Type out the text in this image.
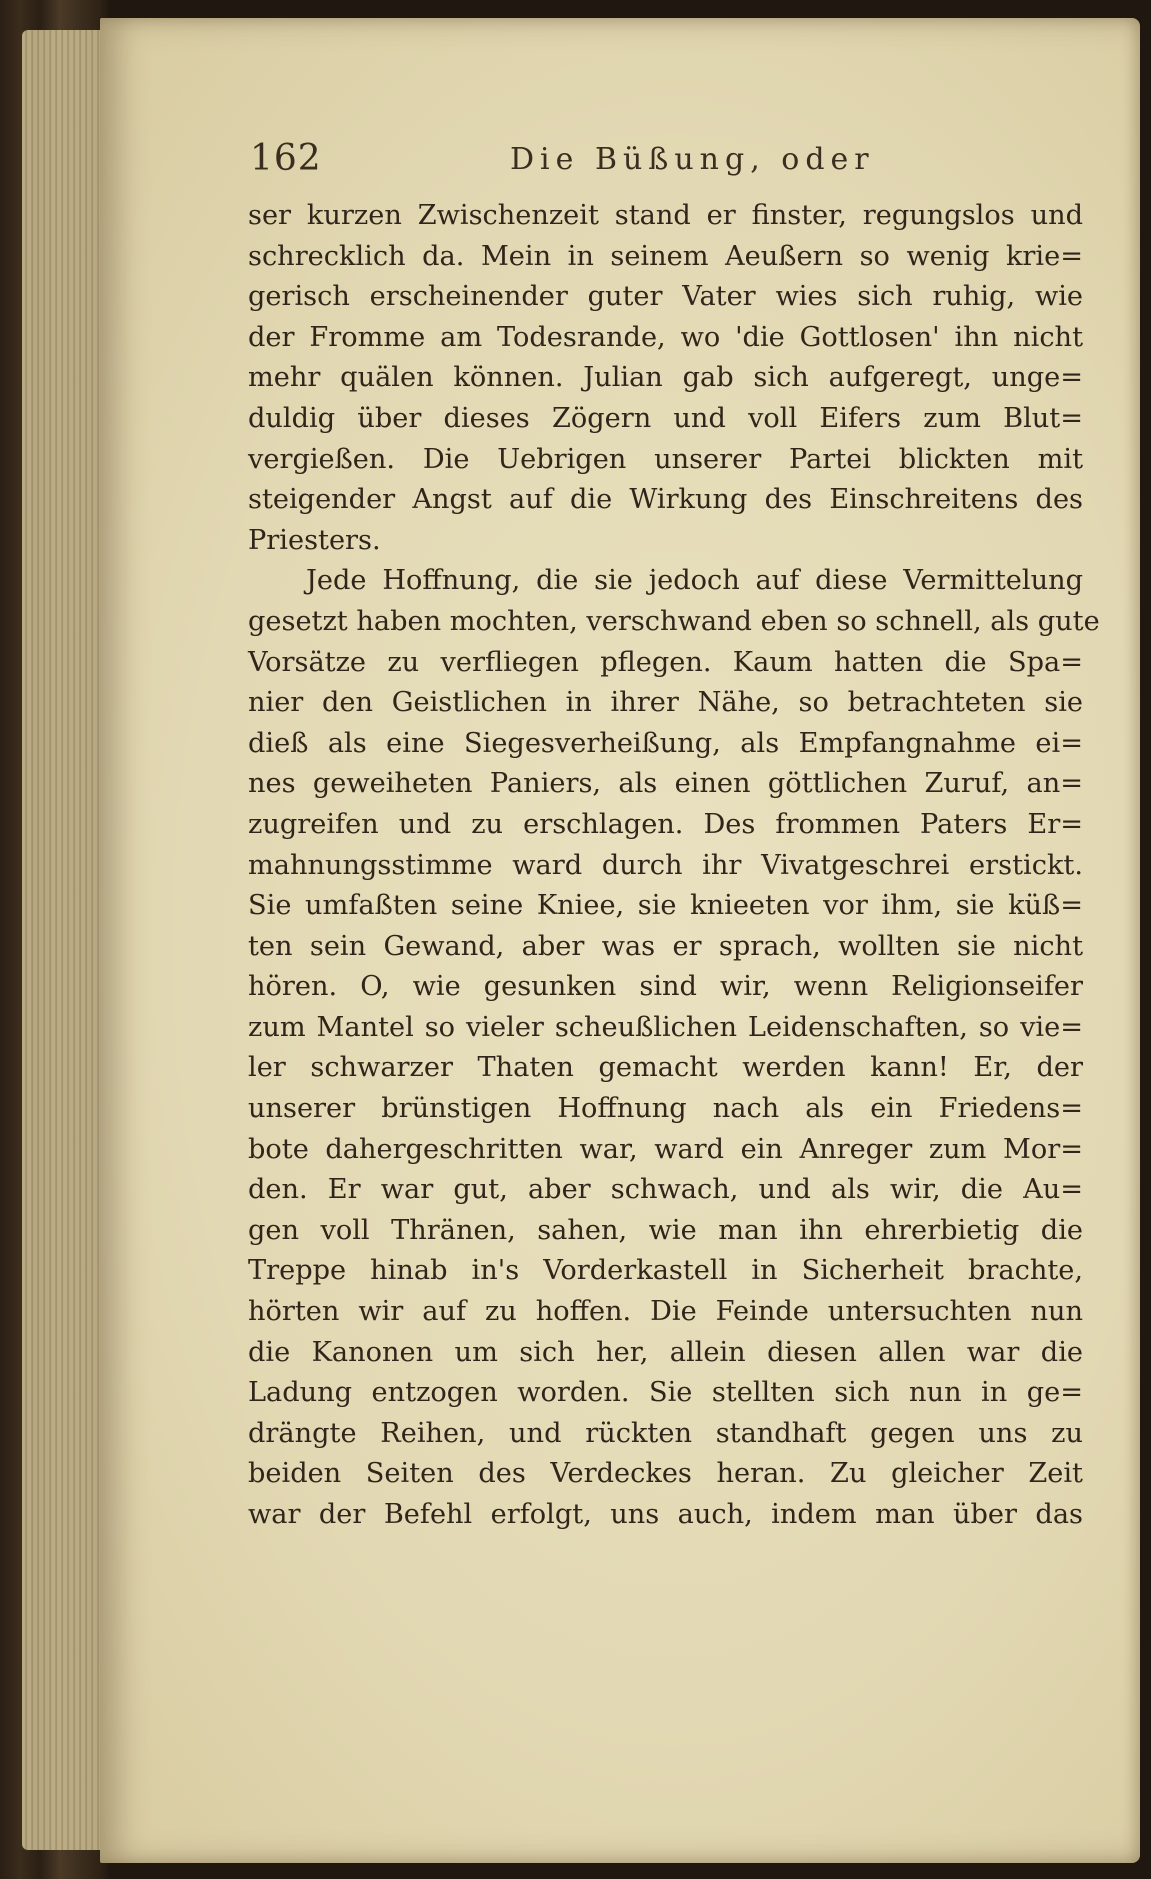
162	Die Büßung, oder
ser kurzen Zwischenzeit stand er finster, regungslos und
schrecklich da. Mein in seinem Aeußern so wenig krie=
gerisch erscheinender guter Vater wies sich ruhig, wie
der Fromme am Todesrande, wo 'die Gottlosen' ihn nicht
mehr quälen können. Julian gab sich aufgeregt, unge=
duldig über dieses Zögern und voll Eifers zum Blut=
vergießen. Die Uebrigen unserer Partei blickten mit
steigender Angst auf die Wirkung des Einschreitens des
Priesters.
Jede Hoffnung, die sie jedoch auf diese Vermittelung
gesetzt haben mochten, verschwand eben so schnell, als gute
Vorsätze zu verfliegen pflegen. Kaum hatten die Spa=
nier den Geistlichen in ihrer Nähe, so betrachteten sie
dieß als eine Siegesverheißung, als Empfangnahme ei=
nes geweiheten Paniers, als einen göttlichen Zuruf, an=
zugreifen und zu erschlagen. Des frommen Paters Er=
mahnungsstimme ward durch ihr Vivatgeschrei erstickt.
Sie umfaßten seine Kniee, sie knieeten vor ihm, sie küß=
ten sein Gewand, aber was er sprach, wollten sie nicht
hören. O, wie gesunken sind wir, wenn Religionseifer
zum Mantel so vieler scheußlichen Leidenschaften, so vie=
ler schwarzer Thaten gemacht werden kann! Er, der
unserer brünstigen Hoffnung nach als ein Friedens=
bote dahergeschritten war, ward ein Anreger zum Mor=
den. Er war gut, aber schwach, und als wir, die Au=
gen voll Thränen, sahen, wie man ihn ehrerbietig die
Treppe hinab in's Vorderkastell in Sicherheit brachte,
hörten wir auf zu hoffen. Die Feinde untersuchten nun
die Kanonen um sich her, allein diesen allen war die
Ladung entzogen worden. Sie stellten sich nun in ge=
drängte Reihen, und rückten standhaft gegen uns zu
beiden Seiten des Verdeckes heran. Zu gleicher Zeit
war der Befehl erfolgt, uns auch, indem man über das
